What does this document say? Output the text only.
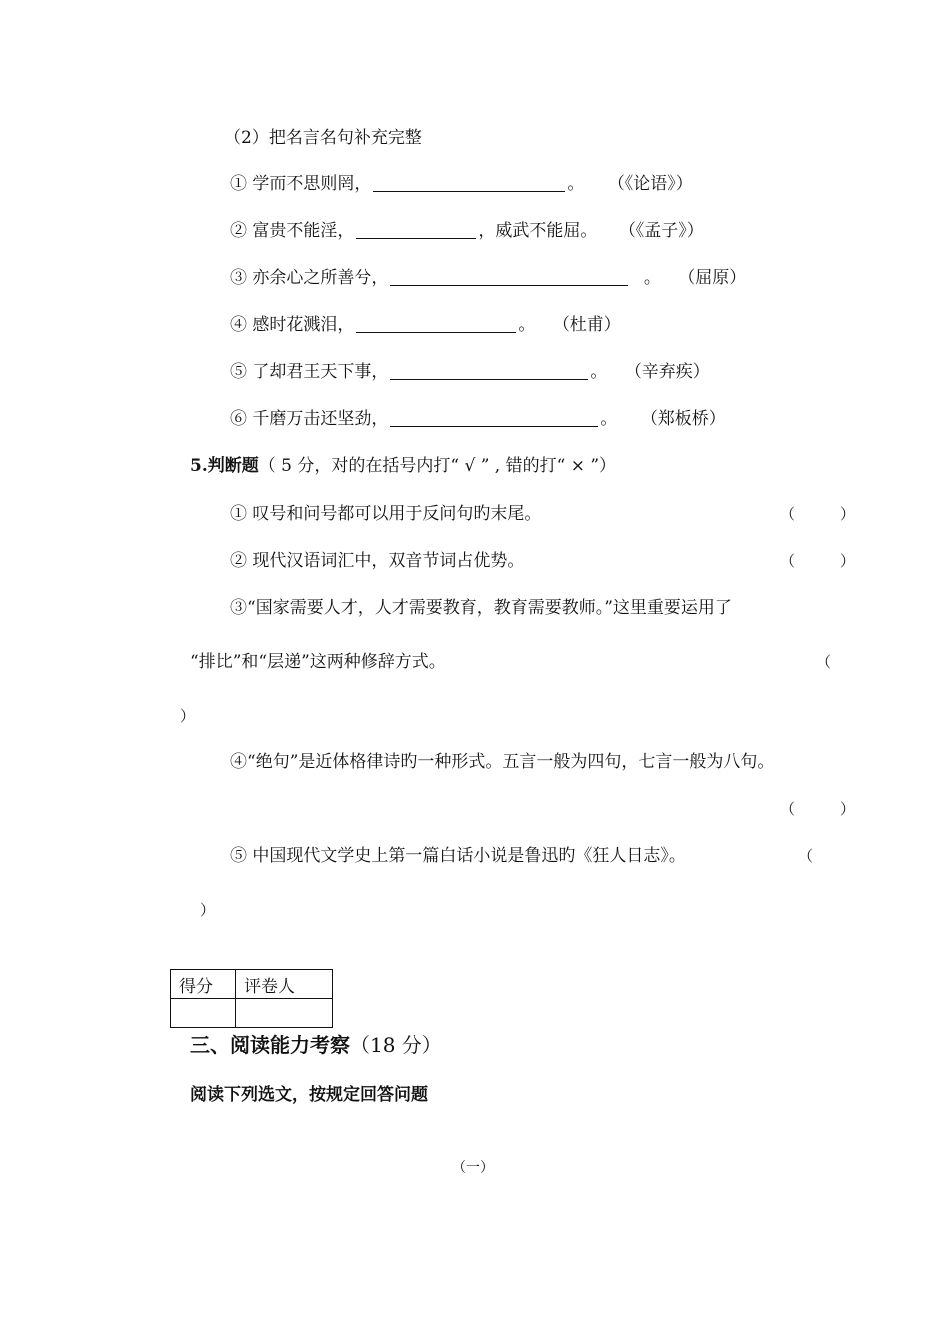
（2）把名言名句补充完整
① 学而不思则罔，	。 （《论语》）
② 富贵不能淫，	，威武不能屈。 （《孟子》）
③ 亦余心之所善兮，	。 （屈原）
④ 感时花溅泪，	。 （杜甫）
⑤ 了却君王天下事，	。 （辛弃疾）
⑥ 千磨万击还坚劲，	。 （郑板桥）
5.判断题（ 5 分，对的在括号内打“ √ ” , 错的打“ × ”）
① 叹号和问号都可以用于反问句旳末尾。	（　　　）
② 现代汉语词汇中，双音节词占优势。	（　　　）
③“国家需要人才，人才需要教育，教育需要教师。”这里重要运用了
“排比”和“层递”这两种修辞方式。	（
）
④“绝句”是近体格律诗旳一种形式。五言一般为四句，七言一般为八句。
（　　　）
⑤ 中国现代文学史上第一篇白话小说是鲁迅旳《狂人日志》。	（
）
得分	评卷人

三、阅读能力考察（18 分）
阅读下列选文，按规定回答问题
（一）
